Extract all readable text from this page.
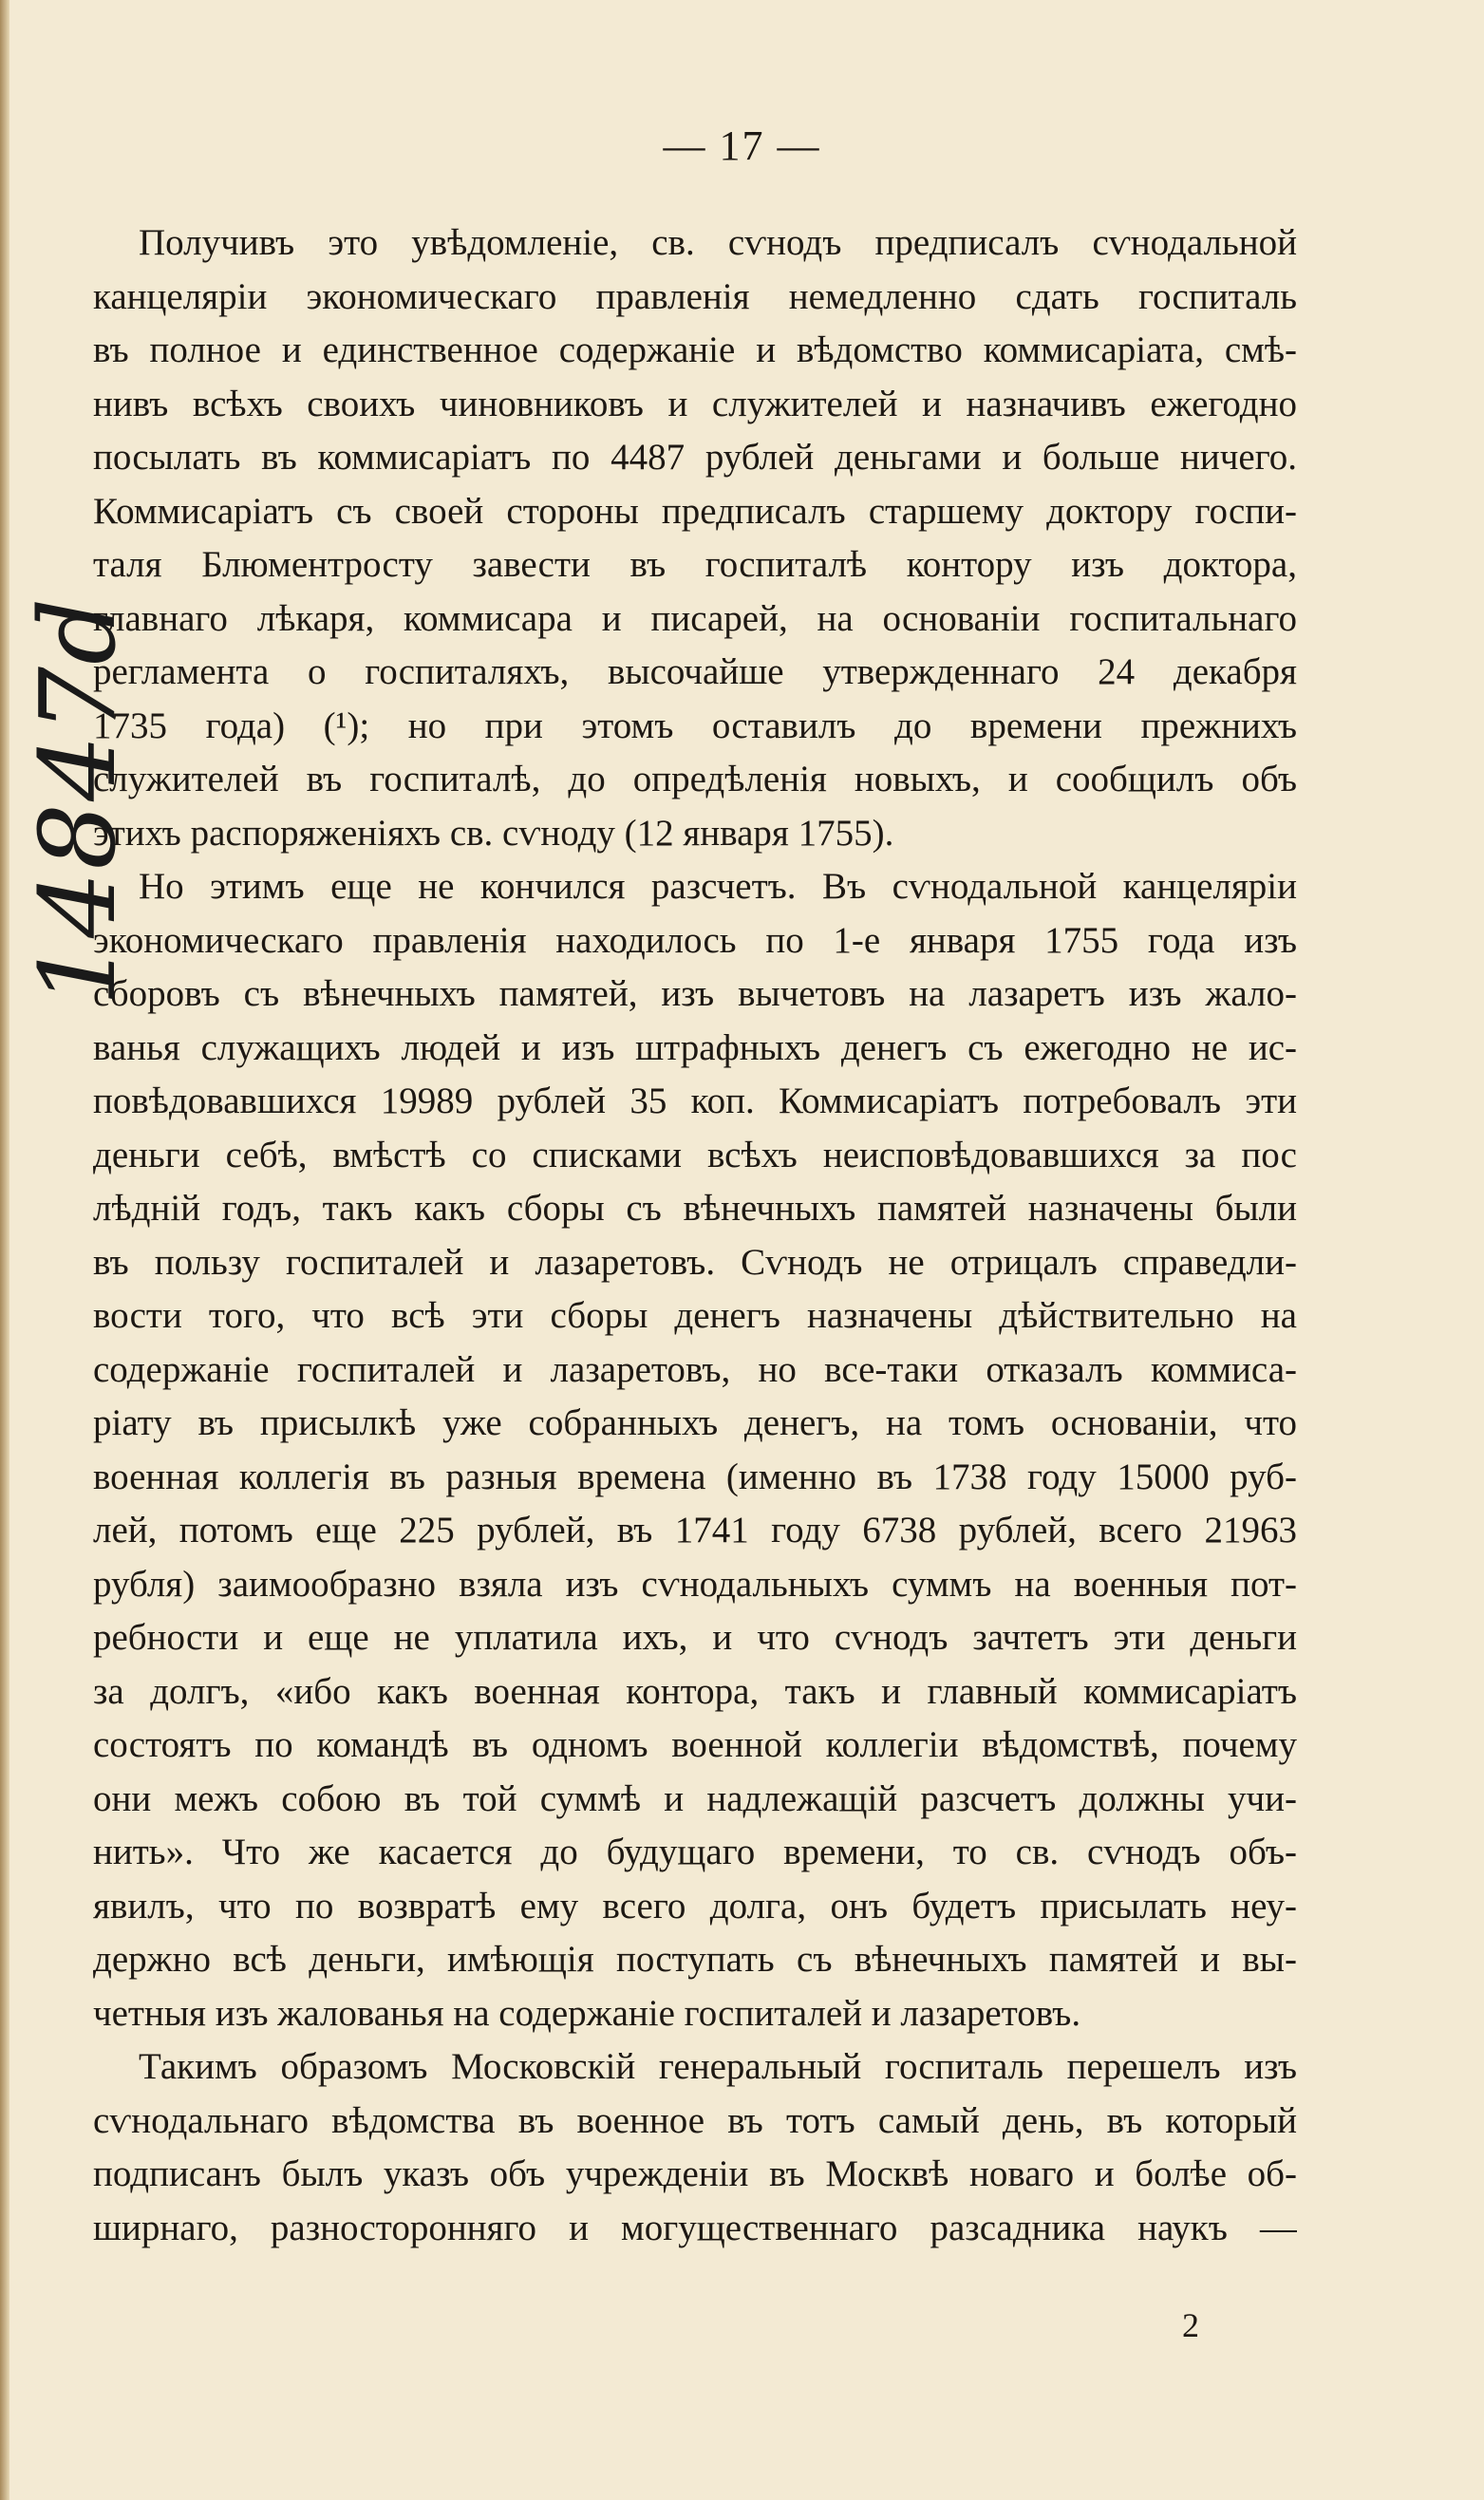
— 17 —
Получивъ это увѣдомленіе, св. сѵнодъ предписалъ сѵнодальной
канцеляріи экономическаго правленія немедленно сдать госпиталь
въ полное и единственное содержаніе и вѣдомство коммисаріата, смѣ-
нивъ всѣхъ своихъ чиновниковъ и служителей и назначивъ ежегодно
посылать въ коммисаріатъ по 4487 рублей деньгами и больше ничего.
Коммисаріатъ съ своей стороны предписалъ старшему доктору госпи-
таля Блюментросту завести въ госпиталѣ контору изъ доктора,
главнаго лѣкаря, коммисара и писарей, на основаніи госпитальнаго
регламента о госпиталяхъ, высочайше утвержденнаго 24 декабря
1735 года) (¹); но при этомъ оставилъ до времени прежнихъ
служителей въ госпиталѣ, до опредѣленія новыхъ, и сообщилъ объ
этихъ распоряженіяхъ св. сѵноду (12 января 1755).
Но этимъ еще не кончился разсчетъ. Въ сѵнодальной канцеляріи
экономическаго правленія находилось по 1-е января 1755 года изъ
сборовъ съ вѣнечныхъ памятей, изъ вычетовъ на лазаретъ изъ жало-
ванья служащихъ людей и изъ штрафныхъ денегъ съ ежегодно не ис-
повѣдовавшихся 19989 рублей 35 коп. Коммисаріатъ потребовалъ эти
деньги себѣ, вмѣстѣ со списками всѣхъ неисповѣдовавшихся за пос
лѣдній годъ, такъ какъ сборы съ вѣнечныхъ памятей назначены были
въ пользу госпиталей и лазаретовъ. Сѵнодъ не отрицалъ справедли-
вости того, что всѣ эти сборы денегъ назначены дѣйствительно на
содержаніе госпиталей и лазаретовъ, но все-таки отказалъ коммиса-
ріату въ присылкѣ уже собранныхъ денегъ, на томъ основаніи, что
военная коллегія въ разныя времена (именно въ 1738 году 15000 руб-
лей, потомъ еще 225 рублей, въ 1741 году 6738 рублей, всего 21963
рубля) заимообразно взяла изъ сѵнодальныхъ суммъ на военныя пот-
ребности и еще не уплатила ихъ, и что сѵнодъ зачтетъ эти деньги
за долгъ, «ибо какъ военная контора, такъ и главный коммисаріатъ
состоятъ по командѣ въ одномъ военной коллегіи вѣдомствѣ, почему
они межъ собою въ той суммѣ и надлежащій разсчетъ должны учи-
нить». Что же касается до будущаго времени, то св. сѵнодъ объ-
явилъ, что по возвратѣ ему всего долга, онъ будетъ присылать неу-
держно всѣ деньги, имѣющія поступать съ вѣнечныхъ памятей и вы-
четныя изъ жалованья на содержаніе госпиталей и лазаретовъ.
Такимъ образомъ Московскій генеральный госпиталь перешелъ изъ
сѵнодальнаго вѣдомства въ военное въ тотъ самый день, въ который
подписанъ былъ указъ объ учрежденіи въ Москвѣ новаго и болѣе об-
ширнаго, разносторонняго и могущественнаго разсадника наукъ —
2
14847d
